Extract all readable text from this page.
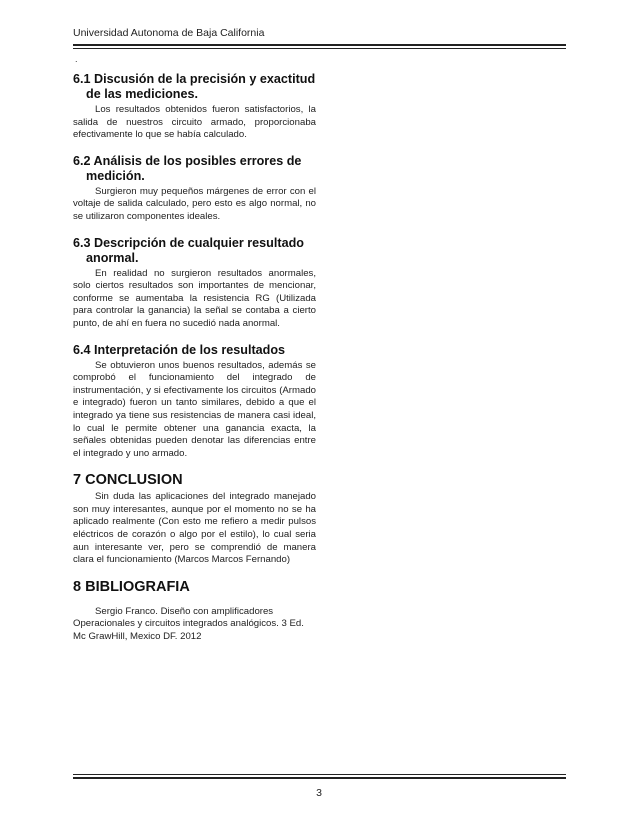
Universidad Autonoma de Baja California
.
6.1 Discusión de la precisión y exactitud de las mediciones.

Los resultados obtenidos fueron satisfactorios, la salida de nuestros circuito armado, proporcionaba efectivamente lo que se había calculado.

6.2 Análisis de los posibles errores de medición.

Surgieron muy pequeños márgenes de error con el voltaje de salida calculado, pero esto es algo normal, no se utilizaron componentes ideales.

6.3 Descripción de cualquier resultado anormal.

En realidad no surgieron resultados anormales, solo ciertos resultados son importantes de mencionar, conforme se aumentaba la resistencia RG (Utilizada para controlar la ganancia) la señal se contaba a cierto punto, de ahí en fuera no sucedió nada anormal.

6.4 Interpretación de los resultados

Se obtuvieron unos buenos resultados, además se comprobó el funcionamiento del integrado de instrumentación, y si efectivamente los circuitos (Armado e integrado) fueron un tanto similares, debido a que el integrado ya tiene sus resistencias de manera casi ideal, lo cual le permite obtener una ganancia exacta, la señales obtenidas pueden denotar las diferencias entre el integrado y uno armado.

7 CONCLUSION

Sin duda las aplicaciones del integrado manejado son muy interesantes, aunque por el momento no se ha aplicado realmente (Con esto me refiero a medir pulsos eléctricos de corazón o algo por el estilo), lo cual seria aun interesante ver, pero se comprendió de manera clara el funcionamiento (Marcos Marcos Fernando)

8 BIBLIOGRAFIA

Sergio Franco. Diseño con amplificadores Operacionales y circuitos integrados analógicos. 3 Ed. Mc GrawHill, Mexico DF. 2012

3
